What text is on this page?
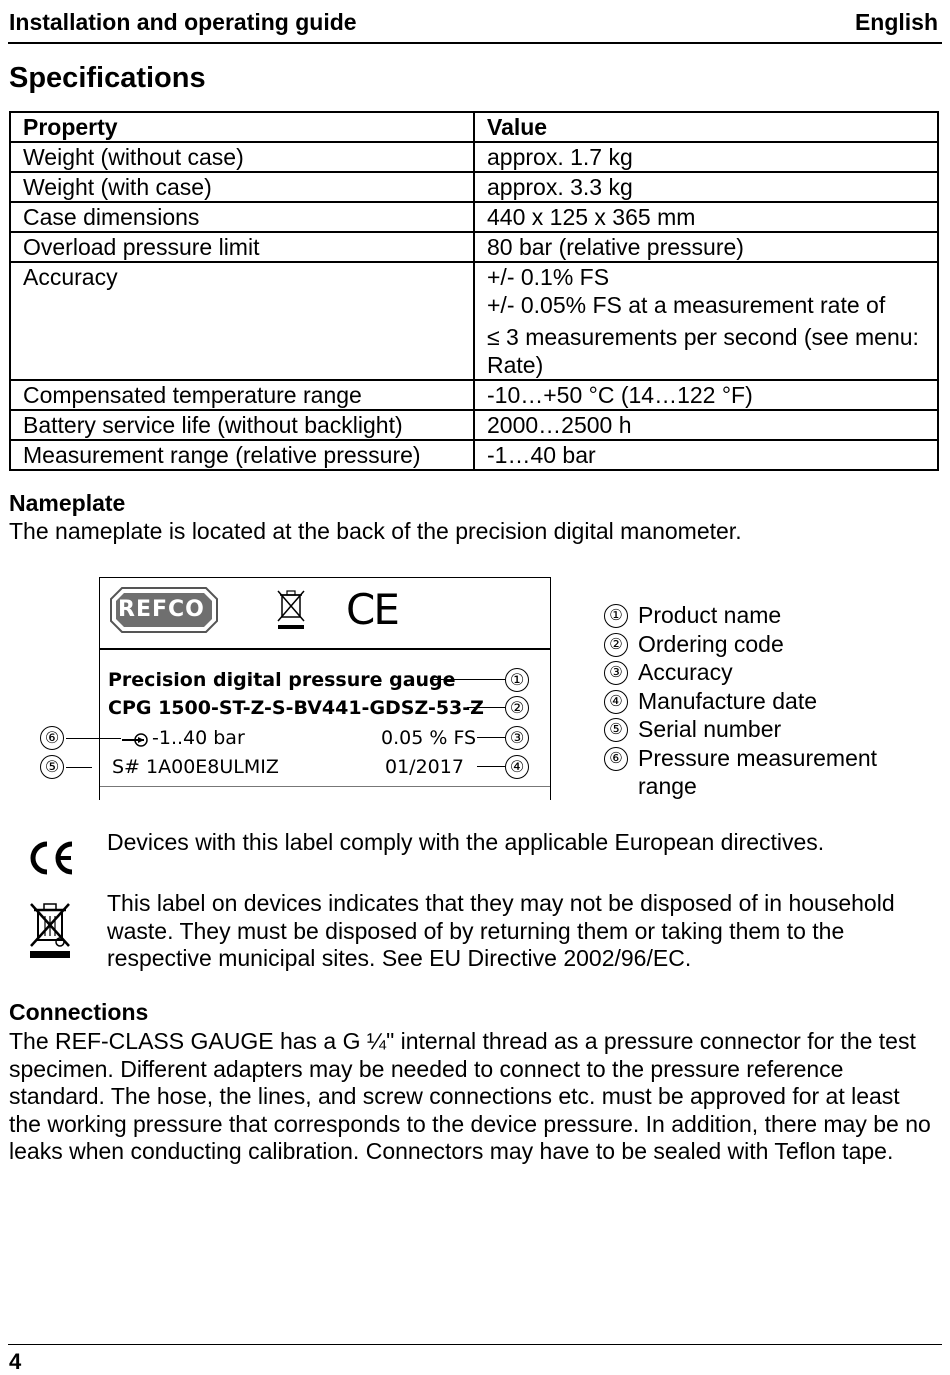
Installation and operating guide	English
Specifications
Property	Value
Weight (without case)	approx. 1.7 kg
Weight (with case)	approx. 3.3 kg
Case dimensions	440 x 125 x 365 mm
Overload pressure limit	80 bar (relative pressure)
Accuracy	+/- 0.1% FS
+/- 0.05% FS at a measurement rate of
≤ 3 measurements per second (see menu: Rate)

Compensated temperature range	-10…+50 °C (14…122 °F)
Battery service life (without backlight)	2000…2500 h
Measurement range (relative pressure)	-1…40 bar
Nameplate
The nameplate is located at the back of the precision digital manometer.
REFCO	CE
Precision digital pressure gauge
CPG 1500-ST-Z-S-BV441-GDSZ-53-Z
-1..40 bar	0.05 % FS
S# 1A00E8ULMIZ	01/2017
①
②
③
④
⑥
⑤
① Product name
② Ordering code
③ Accuracy
④ Manufacture date
⑤ Serial number
⑥ Pressure measurement range
Devices with this label comply with the applicable European directives.
This label on devices indicates that they may not be disposed of in household waste. They must be disposed of by returning them or taking them to the respective municipal sites. See EU Directive 2002/96/EC.
Connections
The REF-CLASS GAUGE has a G ¼" internal thread as a pressure connector for the test specimen. Different adapters may be needed to connect to the pressure reference standard. The hose, the lines, and screw connections etc. must be approved for at least the working pressure that corresponds to the device pressure. In addition, there may be no leaks when conducting calibration. Connectors may have to be sealed with Teflon tape.
4
